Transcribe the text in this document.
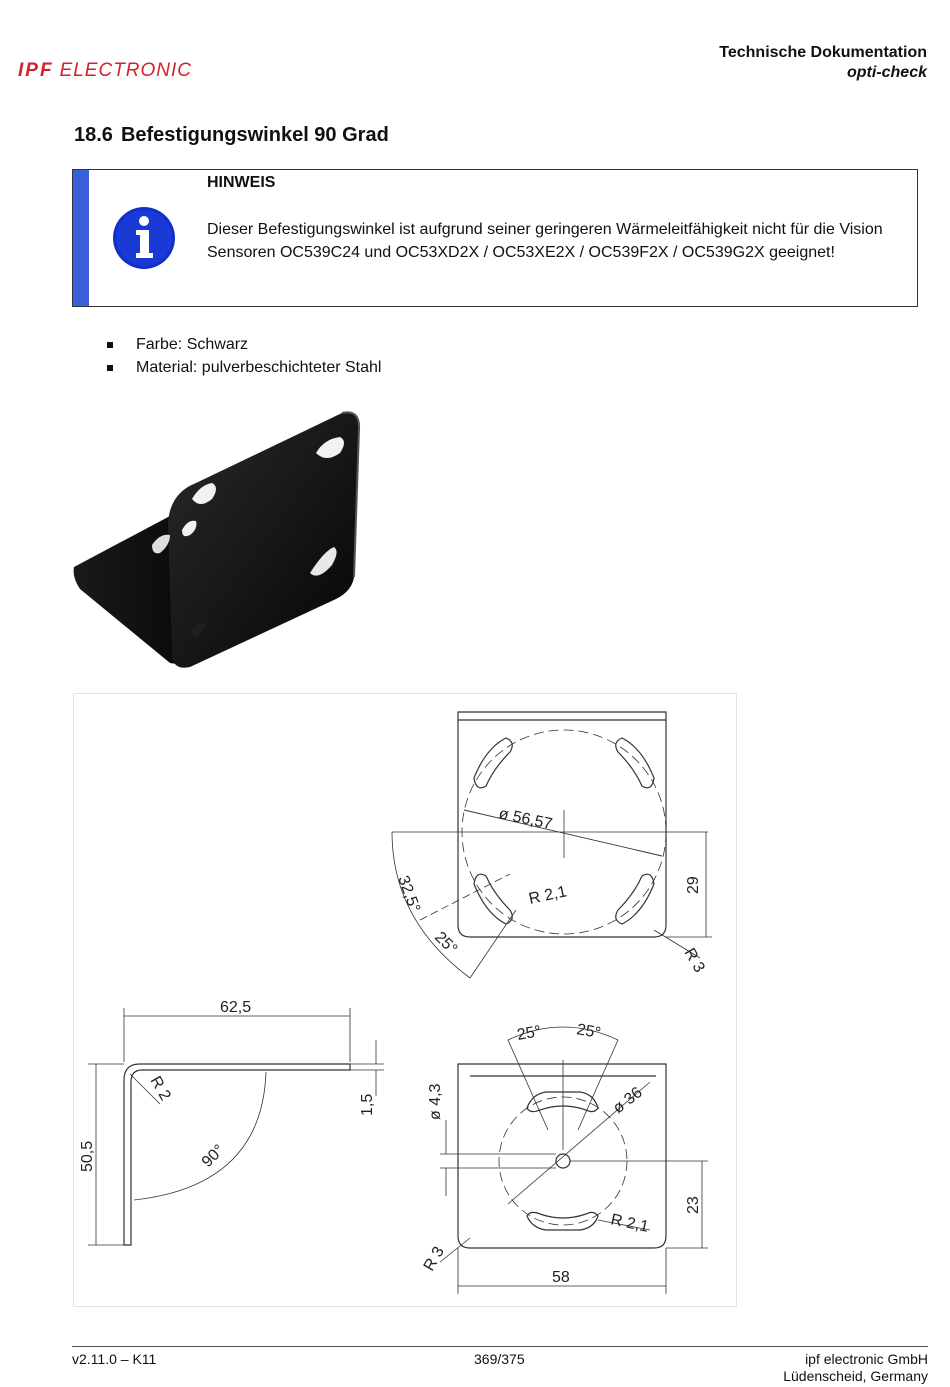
IPF ELECTRONIC
Technische Dokumentation
opti-check
18.6 Befestigungswinkel 90 Grad
HINWEIS
Dieser Befestigungswinkel ist aufgrund seiner geringeren Wärmeleitfähigkeit nicht für die Vision Sensoren OC539C24 und OC53XD2X / OC53XE2X / OC539F2X / OC539G2X geeignet!
Farbe: Schwarz
Material: pulverbeschichteter Stahl
ø 56,57
32,5°
25°
R 2,1	29
R 3
62,5
R 2
50,5
1,5
90°
25° 25°
ø 4,3	ø 36
R 2,1
23
R 3
58
v2.11.0 – K11	369/375	ipf electronic GmbH
Lüdenscheid, Germany
